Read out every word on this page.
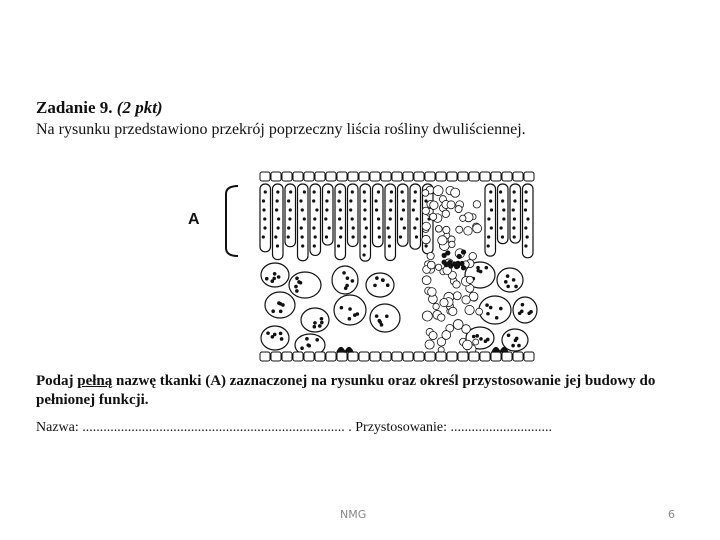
Zadanie 9. (2 pkt)
Na rysunku przedstawiono przekrój poprzeczny liścia rośliny dwuliściennej.
A
Podaj pełną nazwę tkanki (A) zaznaczonej na rysunku oraz określ przystosowanie jej budowy do pełnionej funkcji.
Nazwa: ........................................................................... . Przystosowanie: .............................
NMG	6
